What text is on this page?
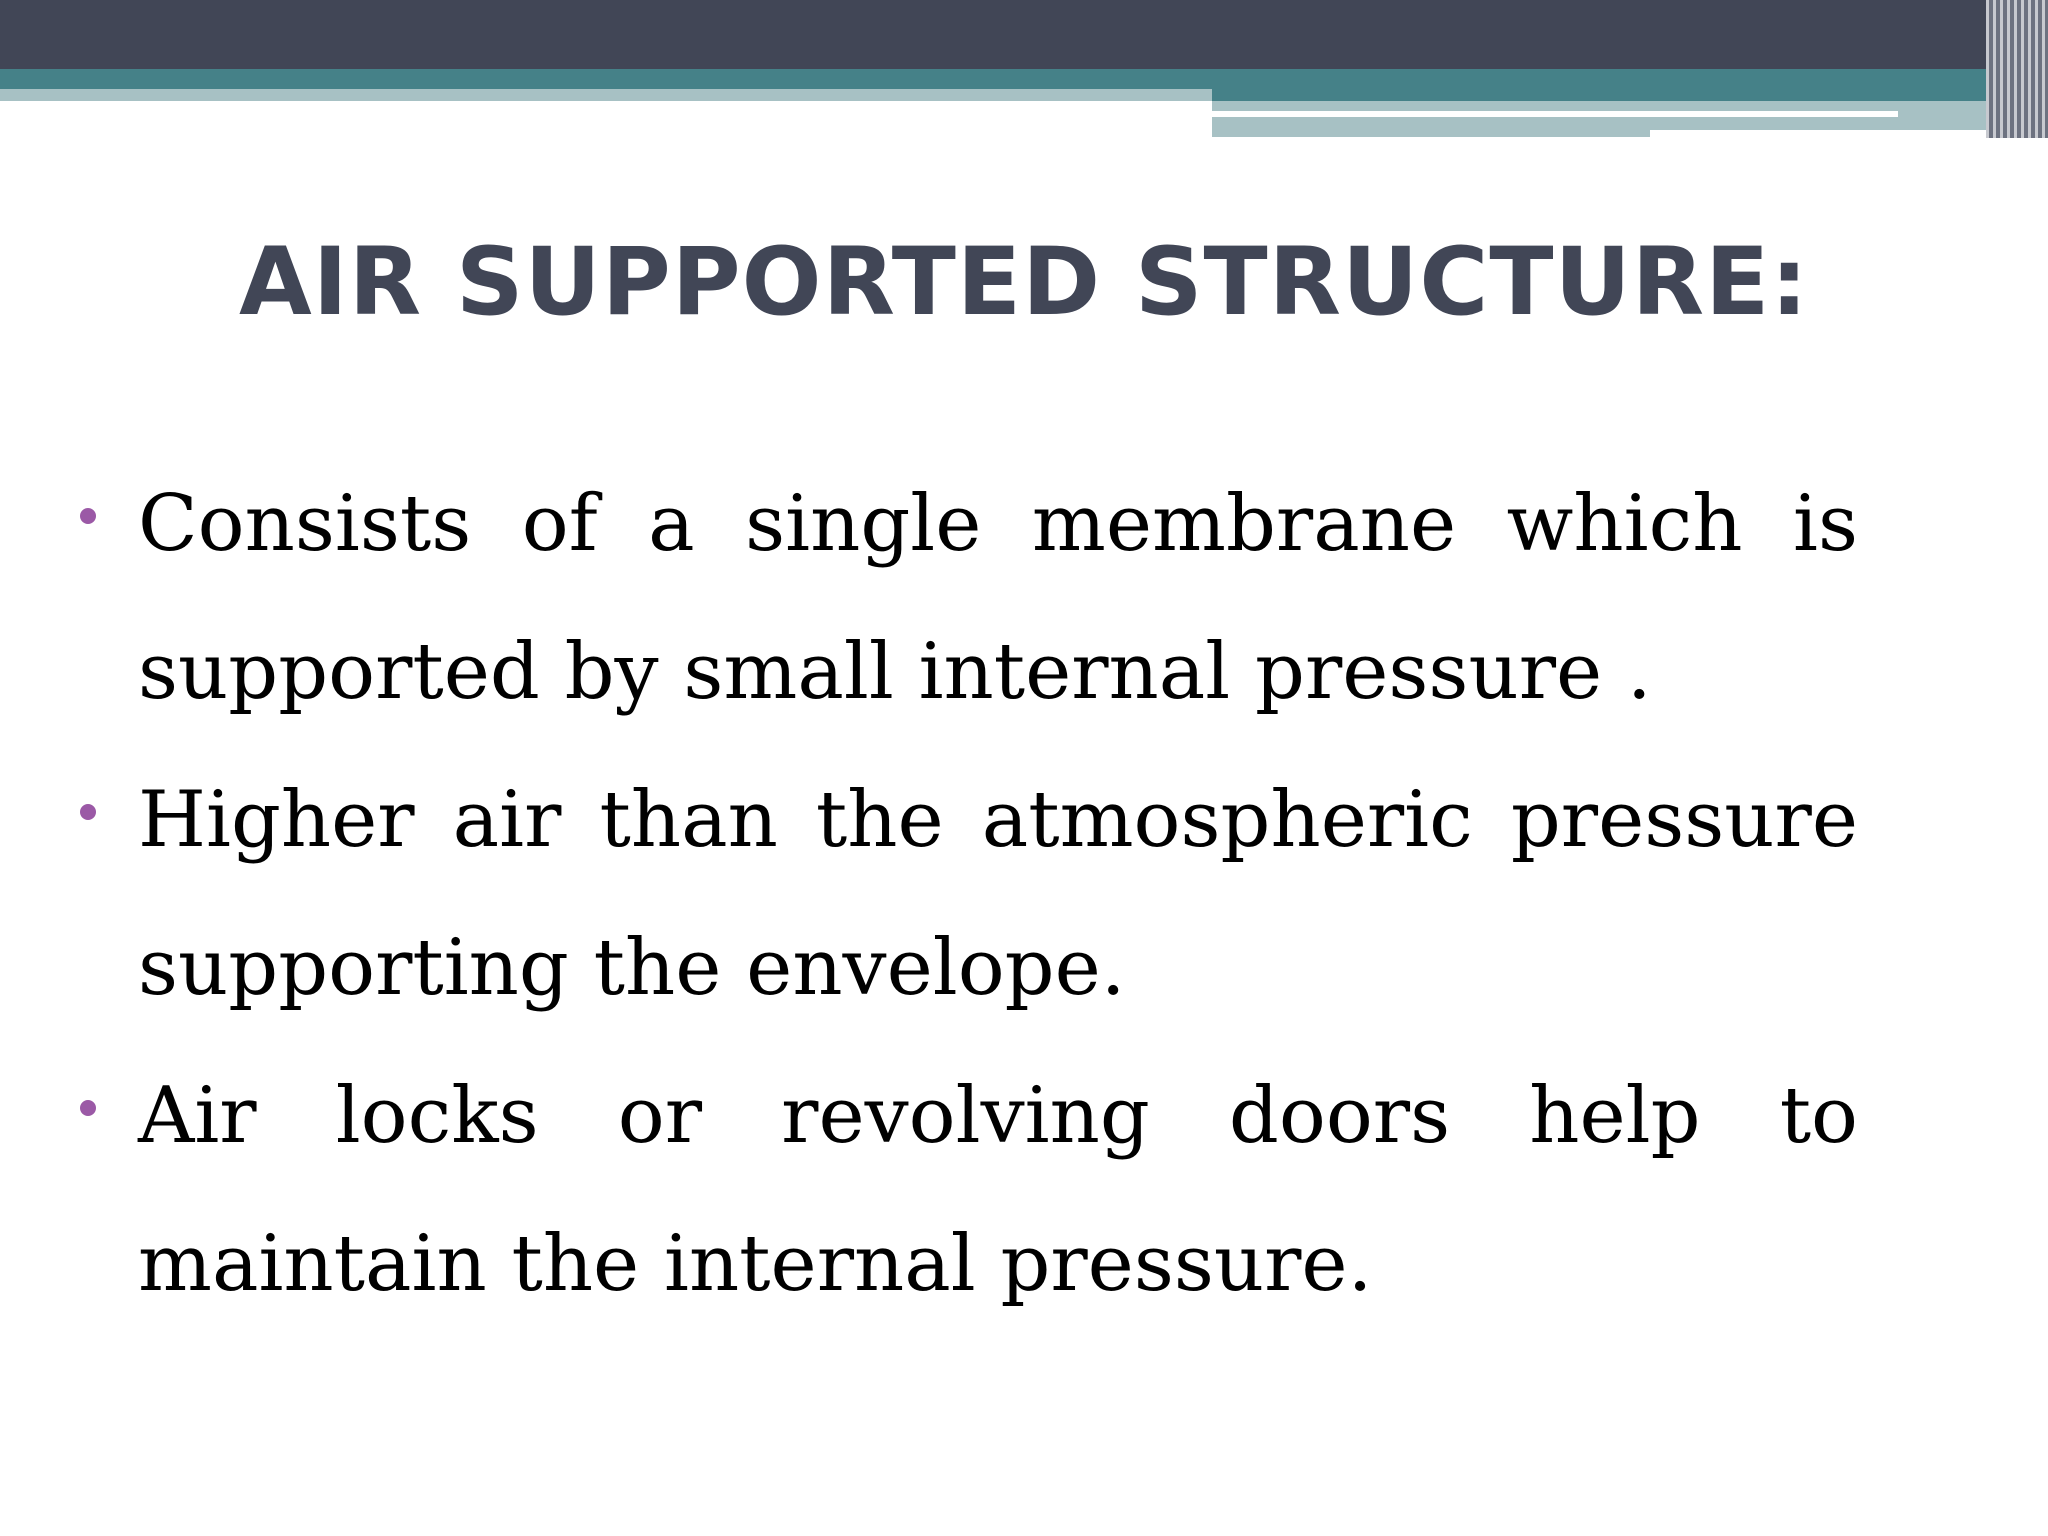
AIR SUPPORTED STRUCTURE:
Consists of a single membrane which is supported by small internal pressure .
Higher air than the atmospheric pressure supporting the envelope.
Air locks or revolving doors help to maintain the internal pressure.
